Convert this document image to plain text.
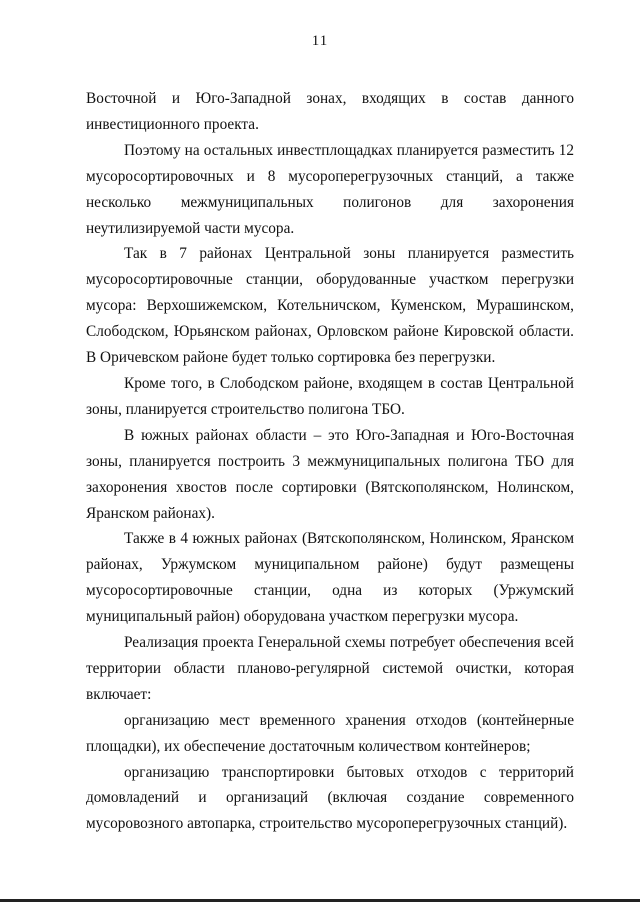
11

Восточной и Юго-Западной зонах, входящих в состав данного инвестиционного проекта.

Поэтому на остальных инвестплощадках планируется разместить 12 мусоросортировочных и 8 мусороперегрузочных станций, а также несколько межмуниципальных полигонов для захоронения неутилизируемой части мусора.

Так в 7 районах Центральной зоны планируется разместить мусоросортировочные станции, оборудованные участком перегрузки мусора: Верхошижемском, Котельничском, Куменском, Мурашинском, Слободском, Юрьянском районах, Орловском районе Кировской области. В Оричевском районе будет только сортировка без перегрузки.

Кроме того, в Слободском районе, входящем в состав Центральной зоны, планируется строительство полигона ТБО.

В южных районах области – это Юго-Западная и Юго-Восточная зоны, планируется построить 3 межмуниципальных полигона ТБО для захоронения хвостов после сортировки (Вятскополянском, Нолинском, Яранском районах).

Также в 4 южных районах (Вятскополянском, Нолинском, Яранском районах, Уржумском муниципальном районе) будут размещены мусоросортировочные станции, одна из которых (Уржумский муниципальный район) оборудована участком перегрузки мусора.

Реализация проекта Генеральной схемы потребует обеспечения всей территории области планово-регулярной системой очистки, которая включает:

организацию мест временного хранения отходов (контейнерные площадки), их обеспечение достаточным количеством контейнеров;

организацию транспортировки бытовых отходов с территорий домовладений и организаций (включая создание современного мусоровозного автопарка, строительство мусороперегрузочных станций).
